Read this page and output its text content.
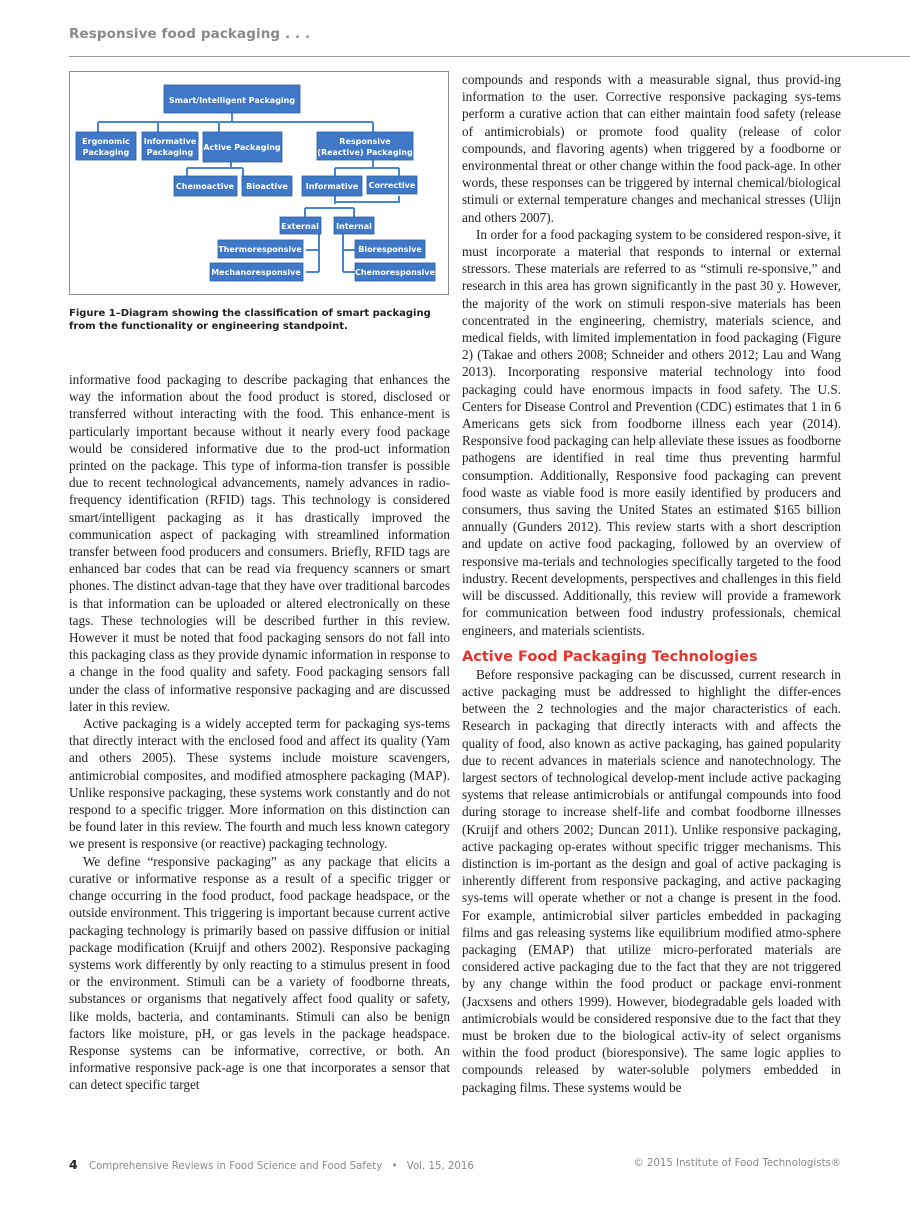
Responsive food packaging . . .
Smart/Intelligent Packaging
Ergonomic
Packaging
Informative
Packaging
Active Packaging
Responsive
(Reactive) Packaging
Chemoactive Bioactive Informative Corrective
External Internal
Thermoresponsive
Mechanoresponsive
Bioresponsive
Chemoresponsive
Figure 1–Diagram showing the classification of smart packaging from the functionality or engineering standpoint.

informative food packaging to describe packaging that enhances the way the information about the food product is stored, disclosed or transferred without interacting with the food. This enhance-ment is particularly important because without it nearly every food package would be considered informative due to the prod-uct information printed on the package. This type of informa-tion transfer is possible due to recent technological advancements, namely advances in radio-frequency identification (RFID) tags. This technology is considered smart/intelligent packaging as it has drastically improved the communication aspect of packaging with streamlined information transfer between food producers and consumers. Briefly, RFID tags are enhanced bar codes that can be read via frequency scanners or smart phones. The distinct advan-tage that they have over traditional barcodes is that information can be uploaded or altered electronically on these tags. These technologies will be described further in this review. However it must be noted that food packaging sensors do not fall into this packaging class as they provide dynamic information in response to a change in the food quality and safety. Food packaging sensors fall under the class of informative responsive packaging and are discussed later in this review.

Active packaging is a widely accepted term for packaging sys-tems that directly interact with the enclosed food and affect its quality (Yam and others 2005). These systems include moisture scavengers, antimicrobial composites, and modified atmosphere packaging (MAP). Unlike responsive packaging, these systems work constantly and do not respond to a specific trigger. More information on this distinction can be found later in this review. The fourth and much less known category we present is responsive (or reactive) packaging technology.

We define “responsive packaging” as any package that elicits a curative or informative response as a result of a specific trigger or change occurring in the food product, food package headspace, or the outside environment. This triggering is important because current active packaging technology is primarily based on passive diffusion or initial package modification (Kruijf and others 2002). Responsive packaging systems work differently by only reacting to a stimulus present in food or the environment. Stimuli can be a variety of foodborne threats, substances or organisms that negatively affect food quality or safety, like molds, bacteria, and contaminants. Stimuli can also be benign factors like moisture, pH, or gas levels in the package headspace. Response systems can be informative, corrective, or both. An informative responsive pack-age is one that incorporates a sensor that can detect specific target

compounds and responds with a measurable signal, thus provid-ing information to the user. Corrective responsive packaging sys-tems perform a curative action that can either maintain food safety (release of antimicrobials) or promote food quality (release of color compounds, and flavoring agents) when triggered by a foodborne or environmental threat or other change within the food pack-age. In other words, these responses can be triggered by internal chemical/biological stimuli or external temperature changes and mechanical stresses (Ulijn and others 2007).

In order for a food packaging system to be considered respon-sive, it must incorporate a material that responds to internal or external stressors. These materials are referred to as “stimuli re-sponsive,” and research in this area has grown significantly in the past 30 y. However, the majority of the work on stimuli respon-sive materials has been concentrated in the engineering, chemistry, materials science, and medical fields, with limited implementation in food packaging (Figure 2) (Takae and others 2008; Schneider and others 2012; Lau and Wang 2013). Incorporating responsive material technology into food packaging could have enormous impacts in food safety. The U.S. Centers for Disease Control and Prevention (CDC) estimates that 1 in 6 Americans gets sick from foodborne illness each year (2014). Responsive food packaging can help alleviate these issues as foodborne pathogens are identified in real time thus preventing harmful consumption. Additionally, Responsive food packaging can prevent food waste as viable food is more easily identified by producers and consumers, thus saving the United States an estimated $165 billion annually (Gunders 2012). This review starts with a short description and update on active food packaging, followed by an overview of responsive ma-terials and technologies specifically targeted to the food industry. Recent developments, perspectives and challenges in this field will be discussed. Additionally, this review will provide a framework for communication between food industry professionals, chemical engineers, and materials scientists.

Active Food Packaging Technologies

Before responsive packaging can be discussed, current research in active packaging must be addressed to highlight the differ-ences between the 2 technologies and the major characteristics of each. Research in packaging that directly interacts with and affects the quality of food, also known as active packaging, has gained popularity due to recent advances in materials science and nanotechnology. The largest sectors of technological develop-ment include active packaging systems that release antimicrobials or antifungal compounds into food during storage to increase shelf-life and combat foodborne illnesses (Kruijf and others 2002; Duncan 2011). Unlike responsive packaging, active packaging op-erates without specific trigger mechanisms. This distinction is im-portant as the design and goal of active packaging is inherently different from responsive packaging, and active packaging sys-tems will operate whether or not a change is present in the food. For example, antimicrobial silver particles embedded in packaging films and gas releasing systems like equilibrium modified atmo-sphere packaging (EMAP) that utilize micro-perforated materials are considered active packaging due to the fact that they are not triggered by any change within the food product or package envi-ronment (Jacxsens and others 1999). However, biodegradable gels loaded with antimicrobials would be considered responsive due to the fact that they must be broken due to the biological activ-ity of select organisms within the food product (bioresponsive). The same logic applies to compounds released by water-soluble polymers embedded in packaging films. These systems would be

4 Comprehensive Reviews in Food Science and Food Safety • Vol. 15, 2016	© 2015 Institute of Food Technologists®
